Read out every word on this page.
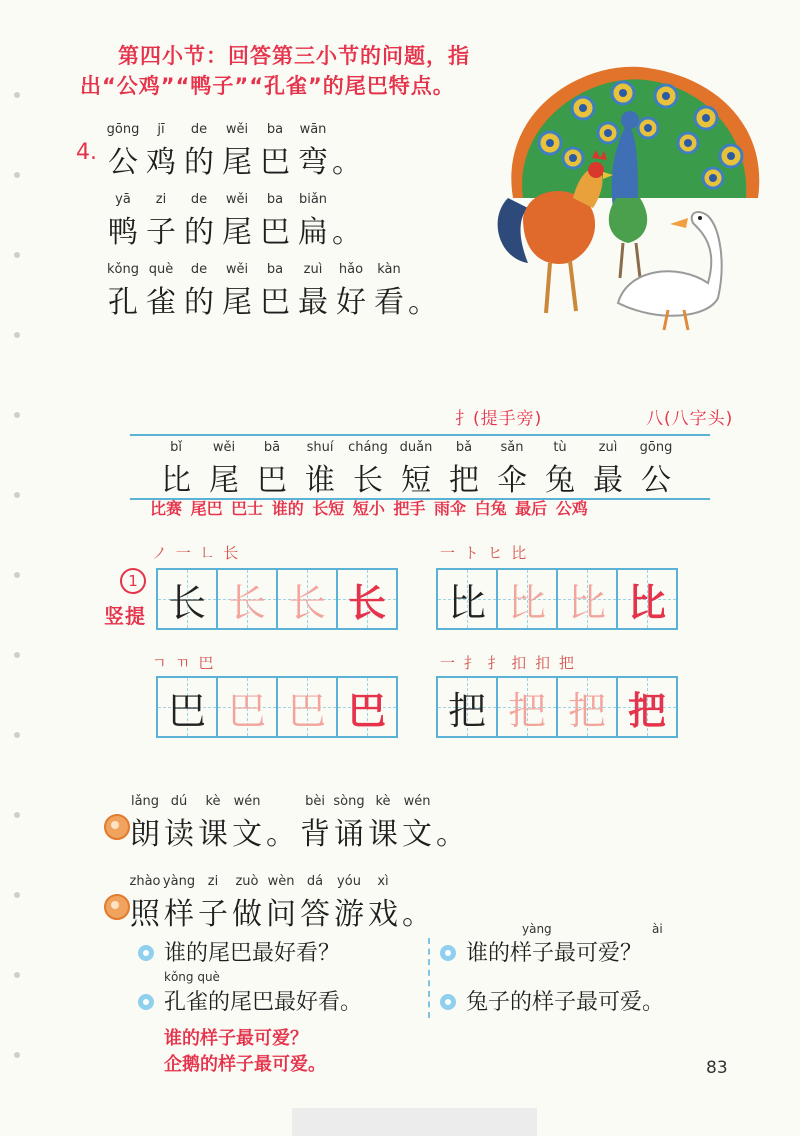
第四小节：回答第三小节的问题，指
出“公鸡”“鸭子”“孔雀”的尾巴特点。
4.
gōng	jī	de	wěi	ba	wān
公 鸡 的 尾 巴 弯 。
yā	zi	de	wěi	ba	biǎn
鸭 子 的 尾 巴 扁 。
kǒng què	de	wěi	ba	zuì	hǎo	kàn
孔 雀 的 尾 巴 最 好 看 。
扌(提手旁)	八(八字头)
bǐ	wěi	bā	shuí	cháng duǎn	bǎ	sǎn	tù	zuì	gōng
比 尾 巴 谁 长 短 把 伞 兔 最 公
比赛 尾巴 巴士 谁的 长短 短小 把手 雨伞 白兔 最后 公鸡
ノ 一 ㇗ 长	一 ト ヒ 比
ㄱ ㄲ 巴	一 扌 扌 扣 扣 把
1
竖提 长 长 长 长 比 比 比 比
巴 巴 巴 巴 把 把 把 把
lǎng dú	kè	wén	bèi sòng kè	wén
朗 读 课 文 。 背 诵 课 文 。
zhào yàng zi	zuò wèn dá	yóu	xì
照 样 子 做 问 答 游 戏 。
谁的尾巴最好看？
kǒng què
孔雀的尾巴最好看。
yàng	ài
谁的样子最可爱？
兔子的样子最可爱。
谁的样子最可爱？
企鹅的样子最可爱。	83
